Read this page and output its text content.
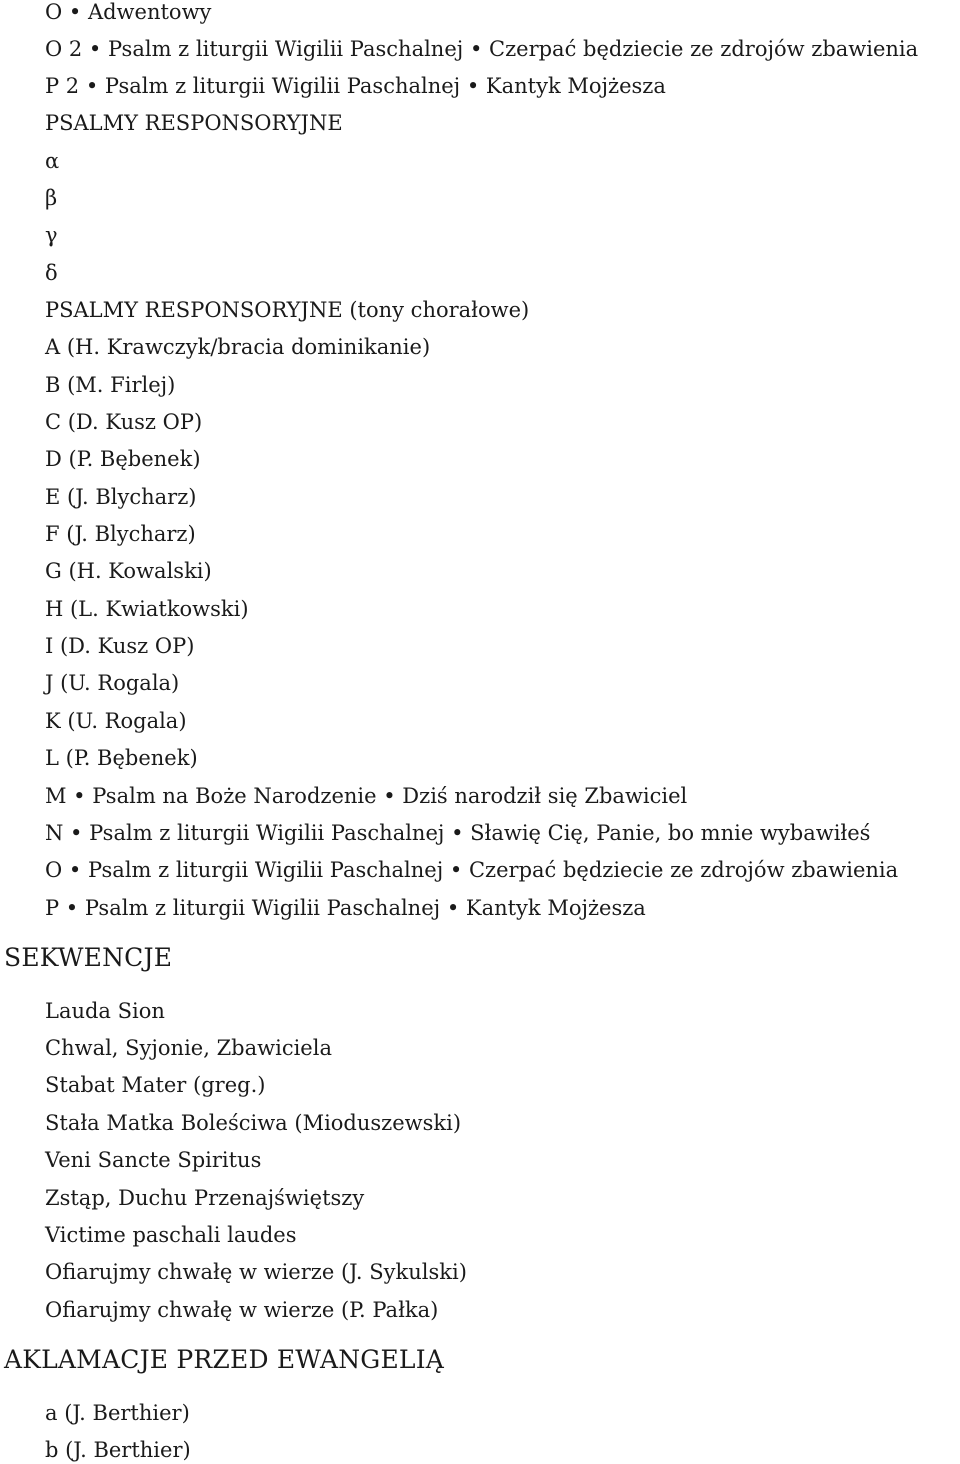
O • Adwentowy
O 2 • Psalm z liturgii Wigilii Paschalnej • Czerpać będziecie ze zdrojów zbawienia
P 2 • Psalm z liturgii Wigilii Paschalnej • Kantyk Mojżesza
PSALMY RESPONSORYJNE
α
β
γ
δ
PSALMY RESPONSORYJNE (tony chorałowe)
A (H. Krawczyk/bracia dominikanie)
B (M. Firlej)
C (D. Kusz OP)
D (P. Bębenek)
E (J. Blycharz)
F (J. Blycharz)
G (H. Kowalski)
H (L. Kwiatkowski)
I (D. Kusz OP)
J (U. Rogala)
K (U. Rogala)
L (P. Bębenek)
M • Psalm na Boże Narodzenie • Dziś narodził się Zbawiciel
N • Psalm z liturgii Wigilii Paschalnej • Sławię Cię, Panie, bo mnie wybawiłeś
O • Psalm z liturgii Wigilii Paschalnej • Czerpać będziecie ze zdrojów zbawienia
P • Psalm z liturgii Wigilii Paschalnej • Kantyk Mojżesza
SEKWENCJE
Lauda Sion
Chwal, Syjonie, Zbawiciela
Stabat Mater (greg.)
Stała Matka Boleściwa (Mioduszewski)
Veni Sancte Spiritus
Zstąp, Duchu Przenajświętszy
Victime paschali laudes
Ofiarujmy chwałę w wierze (J. Sykulski)
Ofiarujmy chwałę w wierze (P. Pałka)
AKLAMACJE PRZED EWANGELIĄ
a (J. Berthier)
b (J. Berthier)
